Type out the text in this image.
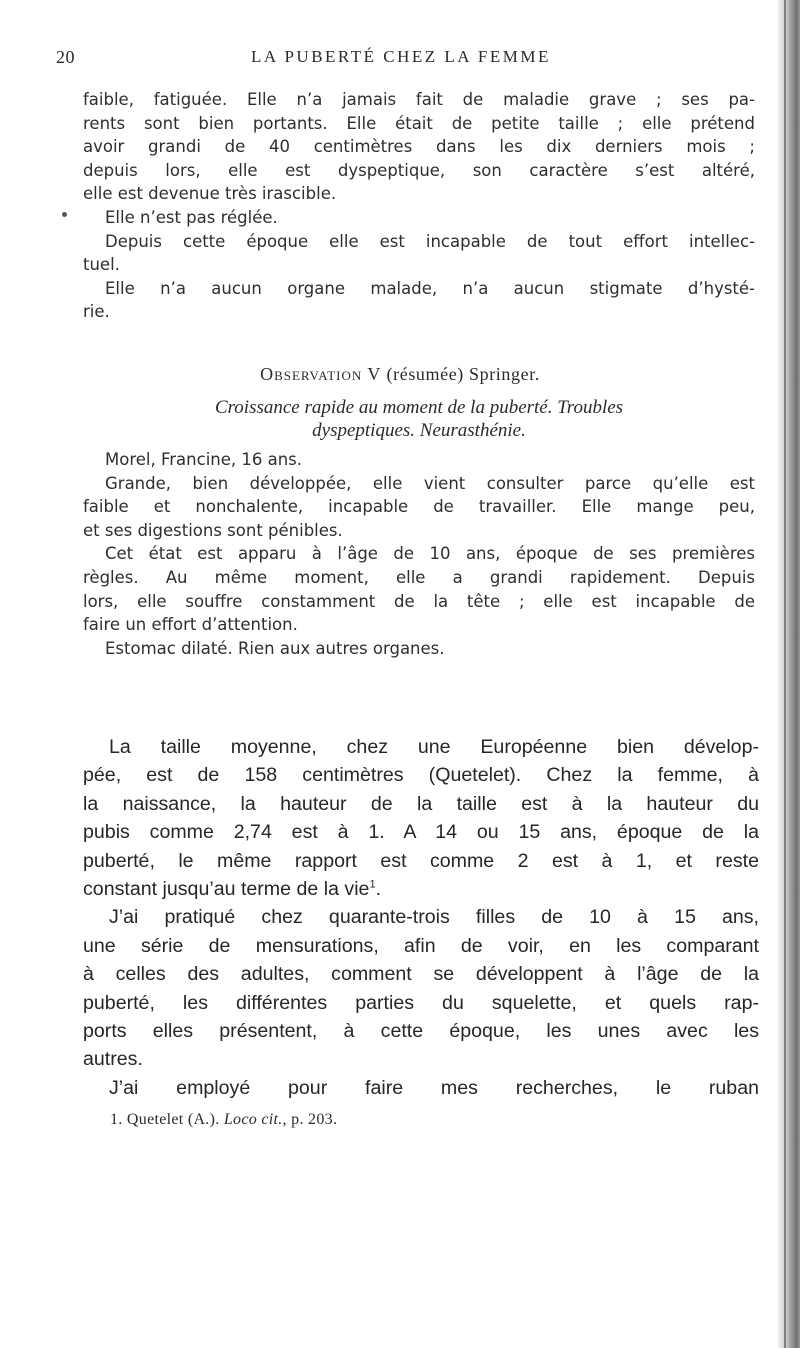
20	LA PUBERTÉ CHEZ LA FEMME

faible, fatiguée. Elle n’a jamais fait de maladie grave ; ses pa-
rents sont bien portants. Elle était de petite taille ; elle prétend
avoir grandi de 40 centimètres dans les dix derniers mois ;
depuis lors, elle est dyspeptique, son caractère s’est altéré,

elle est devenue très irascible.

Elle n’est pas réglée.

Depuis cette époque elle est incapable de tout effort intellec-

tuel.

Elle n’a aucun organe malade, n’a aucun stigmate d’hysté-

rie.

Observation V (résumée) Springer.
Croissance rapide au moment de la puberté. Troubles
dyspeptiques. Neurasthénie.

Morel, Francine, 16 ans.

Grande, bien développée, elle vient consulter parce qu’elle est

faible et nonchalente, incapable de travailler. Elle mange peu,

et ses digestions sont pénibles.

Cet état est apparu à l’âge de 10 ans, époque de ses premières

règles. Au même moment, elle a grandi rapidement. Depuis

lors, elle souffre constamment de la tête ; elle est incapable de

faire un effort d’attention.

Estomac dilaté. Rien aux autres organes.

La taille moyenne, chez une Européenne bien dévelop-

pée, est de 158 centimètres (Quetelet). Chez la femme, à

la naissance, la hauteur de la taille est à la hauteur du

pubis comme 2,74 est à 1. A 14 ou 15 ans, époque de la

puberté, le même rapport est comme 2 est à 1, et reste

constant jusqu’au terme de la vie$^1$.

J’ai pratiqué chez quarante-trois filles de 10 à 15 ans,

une série de mensurations, afin de voir, en les comparant

à celles des adultes, comment se développent à l’âge de la

puberté, les différentes parties du squelette, et quels rap-

ports elles présentent, à cette époque, les unes avec les

autres.

J’ai employé pour faire mes recherches, le ruban

1. Quetelet (A.). Loco cit., p. 203.
